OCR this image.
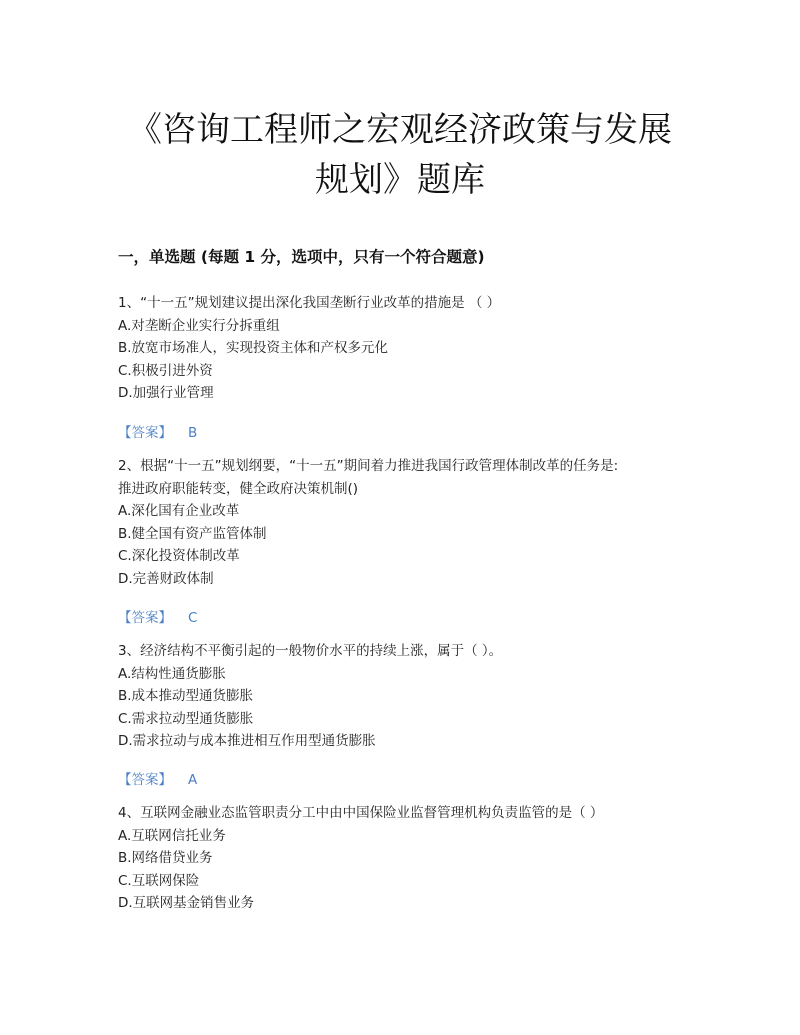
《咨询工程师之宏观经济政策与发展
规划》题库
一，单选题 (每题 1 分，选项中，只有一个符合题意)
1、“十一五”规划建议提出深化我国垄断行业改革的措施是 （ ）
A.对垄断企业实行分拆重组
B.放宽市场准人，实现投资主体和产权多元化
C.积极引进外资
D.加强行业管理
【答案】 B
2、根据“十一五”规划纲要，“十一五”期间着力推进我国行政管理体制改革的任务是:
推进政府职能转变，健全政府决策机制()
A.深化国有企业改革
B.健全国有资产监管体制
C.深化投资体制改革
D.完善财政体制
【答案】 C
3、经济结构不平衡引起的一般物价水平的持续上涨，属于（ ）。
A.结构性通货膨胀
B.成本推动型通货膨胀
C.需求拉动型通货膨胀
D.需求拉动与成本推进相互作用型通货膨胀
【答案】 A
4、互联网金融业态监管职责分工中由中国保险业监督管理机构负责监管的是（ ）
A.互联网信托业务
B.网络借贷业务
C.互联网保险
D.互联网基金销售业务
